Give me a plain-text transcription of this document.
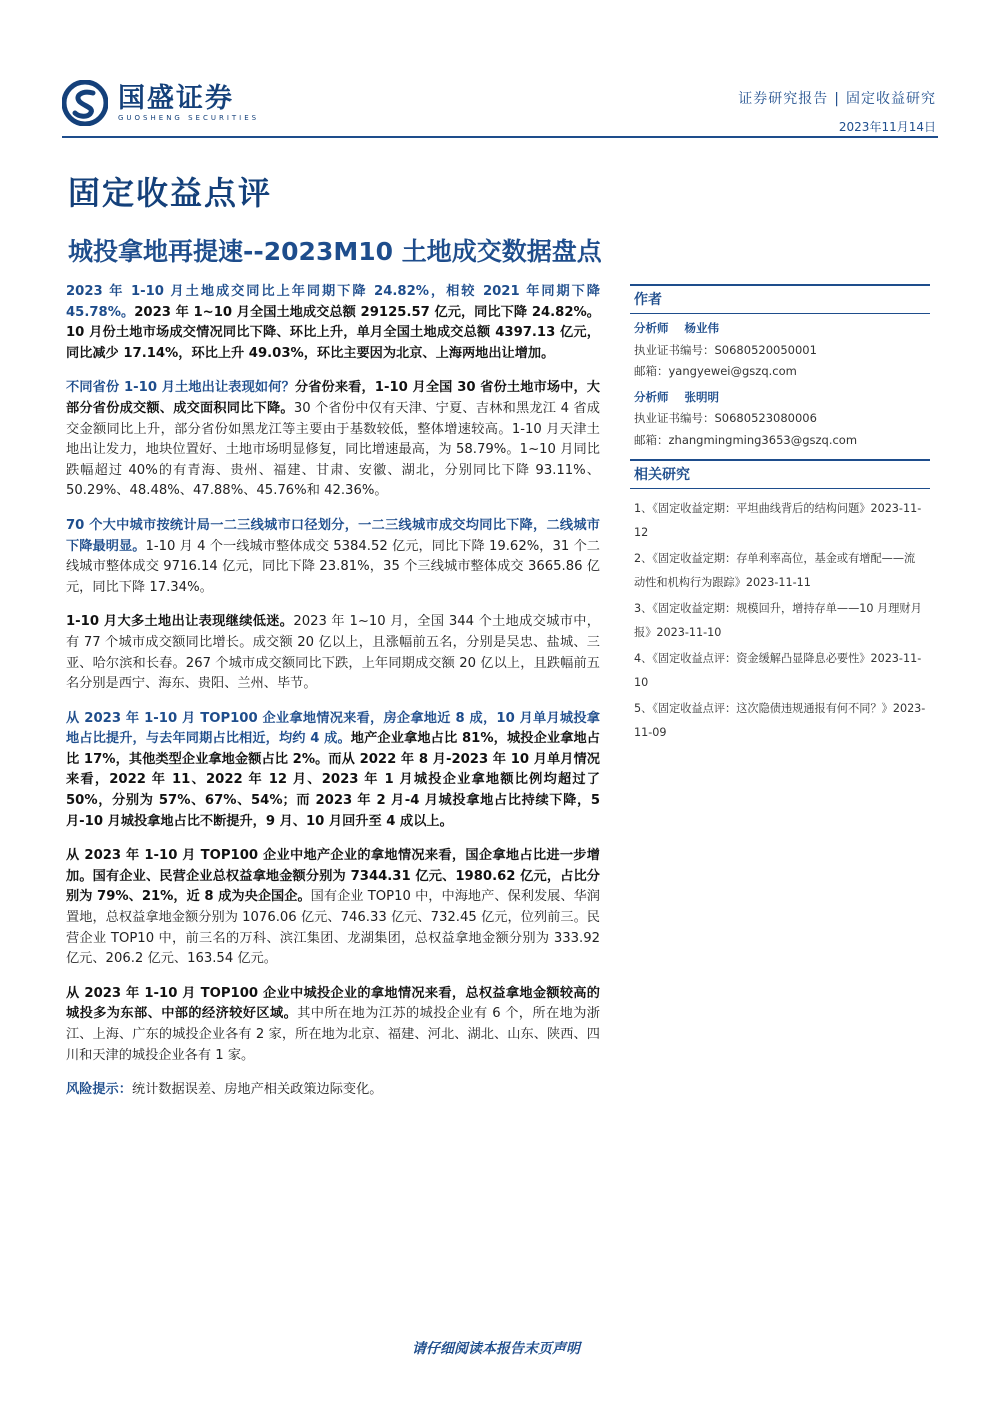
国盛证券
GUOSHENG SECURITIES
证券研究报告 | 固定收益研究
2023年11月14日
固定收益点评
城投拿地再提速--2023M10 土地成交数据盘点

2023 年 1-10 月土地成交同比上年同期下降 24.82%，相较 2021 年同期下降 45.78%。2023 年 1~10 月全国土地成交总额 29125.57 亿元，同比下降 24.82%。10 月份土地市场成交情况同比下降、环比上升，单月全国土地成交总额 4397.13 亿元，同比减少 17.14%，环比上升 49.03%，环比主要因为北京、上海两地出让增加。

不同省份 1-10 月土地出让表现如何？分省份来看，1-10 月全国 30 省份土地市场中，大部分省份成交额、成交面积同比下降。30 个省份中仅有天津、宁夏、吉林和黑龙江 4 省成交金额同比上升，部分省份如黑龙江等主要由于基数较低，整体增速较高。1-10 月天津土地出让发力，地块位置好、土地市场明显修复，同比增速最高，为 58.79%。1~10 月同比跌幅超过 40%的有青海、贵州、福建、甘肃、安徽、湖北，分别同比下降 93.11%、50.29%、48.48%、47.88%、45.76%和 42.36%。

70 个大中城市按统计局一二三线城市口径划分，一二三线城市成交均同比下降，二线城市下降最明显。1-10 月 4 个一线城市整体成交 5384.52 亿元，同比下降 19.62%，31 个二线城市整体成交 9716.14 亿元，同比下降 23.81%，35 个三线城市整体成交 3665.86 亿元，同比下降 17.34%。

1-10 月大多土地出让表现继续低迷。2023 年 1~10 月，全国 344 个土地成交城市中，有 77 个城市成交额同比增长。成交额 20 亿以上，且涨幅前五名，分别是吴忠、盐城、三亚、哈尔滨和长春。267 个城市成交额同比下跌，上年同期成交额 20 亿以上，且跌幅前五名分别是西宁、海东、贵阳、兰州、毕节。

从 2023 年 1-10 月 TOP100 企业拿地情况来看，房企拿地近 8 成，10 月单月城投拿地占比提升，与去年同期占比相近，均约 4 成。地产企业拿地占比 81%，城投企业拿地占比 17%，其他类型企业拿地金额占比 2%。而从 2022 年 8 月-2023 年 10 月单月情况来看，2022 年 11、2022 年 12 月、2023 年 1 月城投企业拿地额比例均超过了 50%，分别为 57%、67%、54%；而 2023 年 2 月-4 月城投拿地占比持续下降，5 月-10 月城投拿地占比不断提升，9 月、10 月回升至 4 成以上。

从 2023 年 1-10 月 TOP100 企业中地产企业的拿地情况来看，国企拿地占比进一步增加。国有企业、民营企业总权益拿地金额分别为 7344.31 亿元、1980.62 亿元，占比分别为 79%、21%，近 8 成为央企国企。国有企业 TOP10 中，中海地产、保利发展、华润置地，总权益拿地金额分别为 1076.06 亿元、746.33 亿元、732.45 亿元，位列前三。民营企业 TOP10 中，前三名的万科、滨江集团、龙湖集团，总权益拿地金额分别为 333.92 亿元、206.2 亿元、163.54 亿元。

从 2023 年 1-10 月 TOP100 企业中城投企业的拿地情况来看，总权益拿地金额较高的城投多为东部、中部的经济较好区域。其中所在地为江苏的城投企业有 6 个，所在地为浙江、上海、广东的城投企业各有 2 家，所在地为北京、福建、河北、湖北、山东、陕西、四川和天津的城投企业各有 1 家。

风险提示：统计数据误差、房地产相关政策边际变化。
作者
分析师 杨业伟
执业证书编号：S0680520050001
邮箱：yangyewei@gszq.com
分析师 张明明
执业证书编号：S0680523080006
邮箱：zhangmingming3653@gszq.com
相关研究
1、《固定收益定期：平坦曲线背后的结构问题》2023-11-12
2、《固定收益定期：存单利率高位，基金或有增配——流动性和机构行为跟踪》2023-11-11
3、《固定收益定期：规模回升，增持存单——10 月理财月报》2023-11-10
4、《固定收益点评：资金缓解凸显降息必要性》2023-11-10
5、《固定收益点评：这次隐债违规通报有何不同？》2023-11-09
请仔细阅读本报告末页声明
